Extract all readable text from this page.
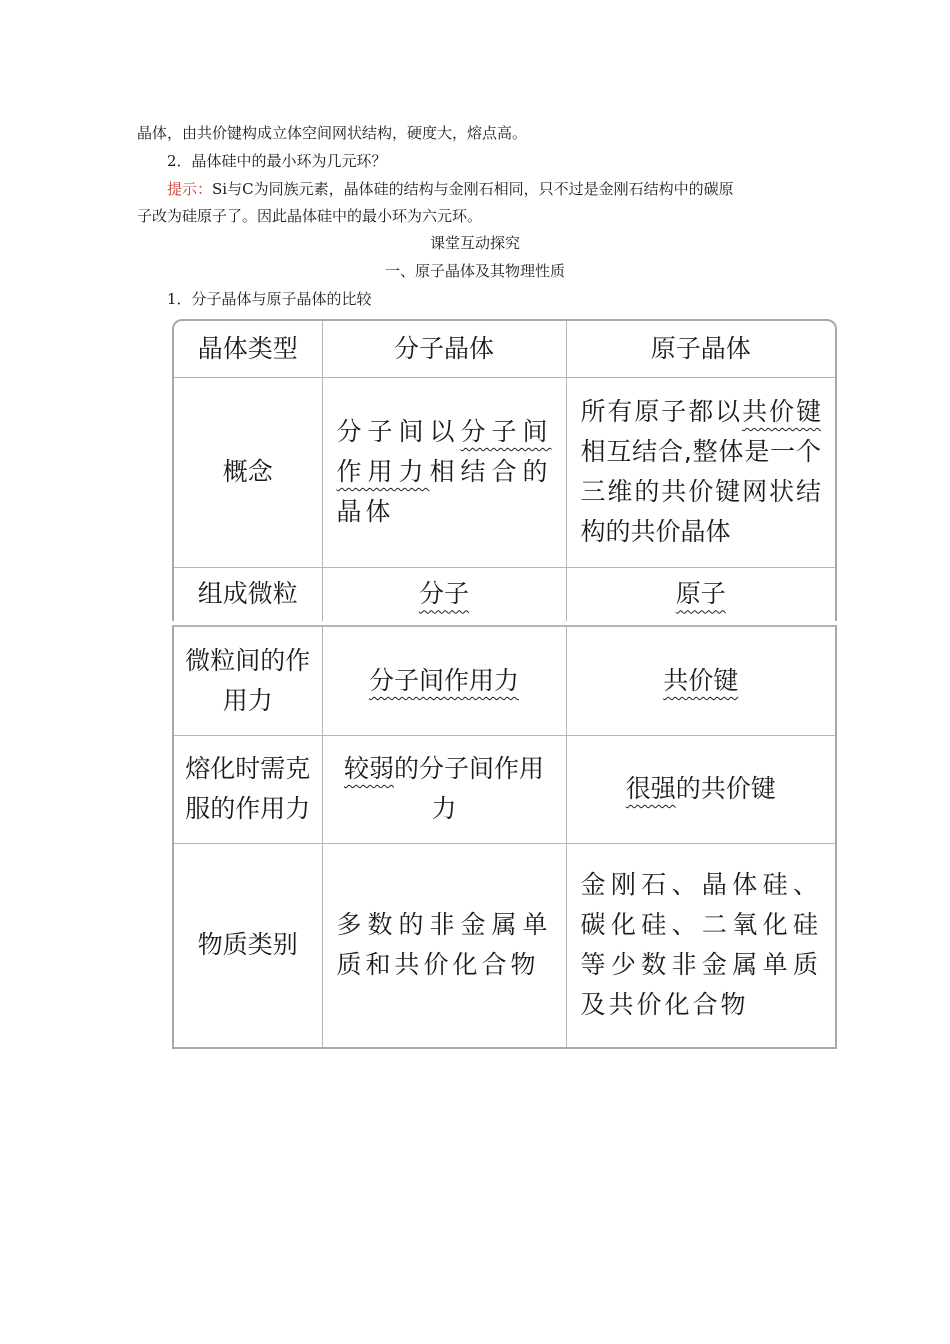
晶体，由共价键构成立体空间网状结构，硬度大，熔点高。
2．晶体硅中的最小环为几元环？
提示：Si与C为同族元素，晶体硅的结构与金刚石相同，只不过是金刚石结构中的碳原
子改为硅原子了。因此晶体硅中的最小环为六元环。
课堂互动探究
一、原子晶体及其物理性质
1．分子晶体与原子晶体的比较
晶体类型	分子晶体	原子晶体
概念	分子间以分子间作用力相结合的晶体	所有原子都以共价键相互结合,整体是一个三维的共价键网状结构的共价晶体
组成微粒	分子	原子
微粒间的作用力	分子间作用力	共价键
熔化时需克服的作用力	较弱的分子间作用力	很强的共价键
物质类别	多数的非金属单质和共价化合物	金刚石、晶体硅、碳化硅、二氧化硅等少数非金属单质及共价化合物
